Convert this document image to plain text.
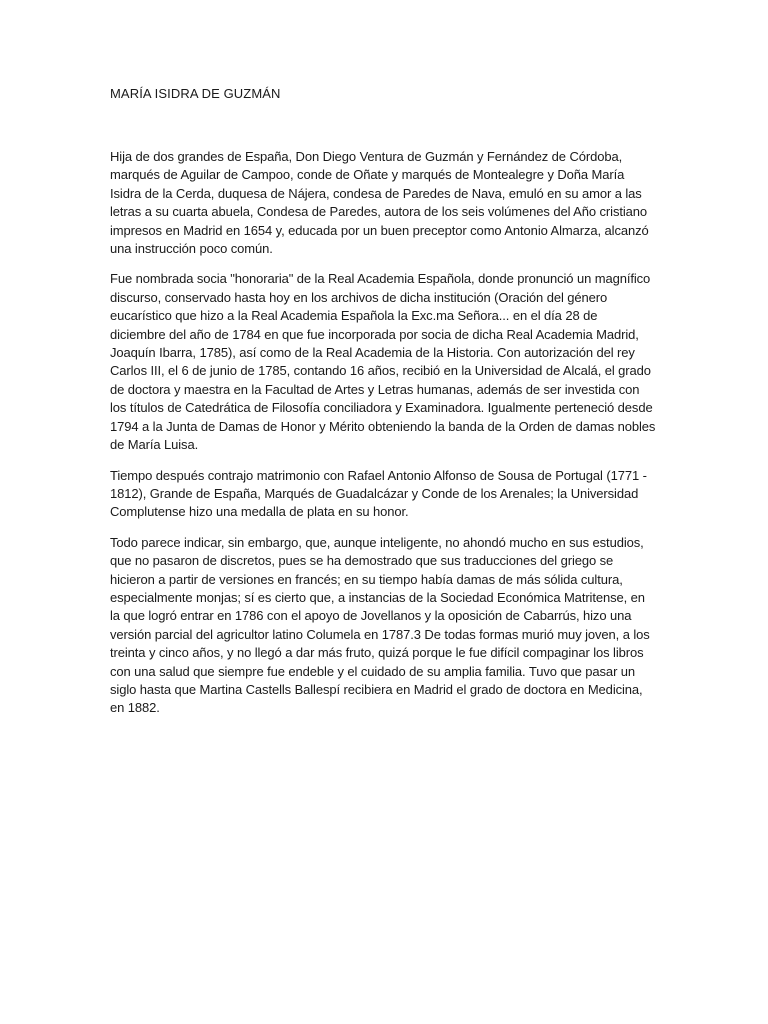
MARÍA ISIDRA DE GUZMÁN

Hija de dos grandes de España, Don Diego Ventura de Guzmán y Fernández de Córdoba, marqués de Aguilar de Campoo, conde de Oñate y marqués de Montealegre y Doña María Isidra de la Cerda, duquesa de Nájera, condesa de Paredes de Nava, emuló en su amor a las letras a su cuarta abuela, Condesa de Paredes, autora de los seis volúmenes del Año cristiano impresos en Madrid en 1654 y, educada por un buen preceptor como Antonio Almarza, alcanzó una instrucción poco común.

Fue nombrada socia "honoraria" de la Real Academia Española, donde pronunció un magnífico discurso, conservado hasta hoy en los archivos de dicha institución (Oración del género eucarístico que hizo a la Real Academia Española la Exc.ma Señora... en el día 28 de diciembre del año de 1784 en que fue incorporada por socia de dicha Real Academia Madrid, Joaquín Ibarra, 1785), así como de la Real Academia de la Historia. Con autorización del rey Carlos III, el 6 de junio de 1785, contando 16 años, recibió en la Universidad de Alcalá, el grado de doctora y maestra en la Facultad de Artes y Letras humanas, además de ser investida con los títulos de Catedrática de Filosofía conciliadora y Examinadora. Igualmente perteneció desde 1794 a la Junta de Damas de Honor y Mérito obteniendo la banda de la Orden de damas nobles de María Luisa.

Tiempo después contrajo matrimonio con Rafael Antonio Alfonso de Sousa de Portugal (1771 - 1812), Grande de España, Marqués de Guadalcázar y Conde de los Arenales; la Universidad Complutense hizo una medalla de plata en su honor.

Todo parece indicar, sin embargo, que, aunque inteligente, no ahondó mucho en sus estudios, que no pasaron de discretos, pues se ha demostrado que sus traducciones del griego se hicieron a partir de versiones en francés; en su tiempo había damas de más sólida cultura, especialmente monjas; sí es cierto que, a instancias de la Sociedad Económica Matritense, en la que logró entrar en 1786 con el apoyo de Jovellanos y la oposición de Cabarrús, hizo una versión parcial del agricultor latino Columela en 1787.3 De todas formas murió muy joven, a los treinta y cinco años, y no llegó a dar más fruto, quizá porque le fue difícil compaginar los libros con una salud que siempre fue endeble y el cuidado de su amplia familia. Tuvo que pasar un siglo hasta que Martina Castells Ballespí recibiera en Madrid el grado de doctora en Medicina, en 1882.
